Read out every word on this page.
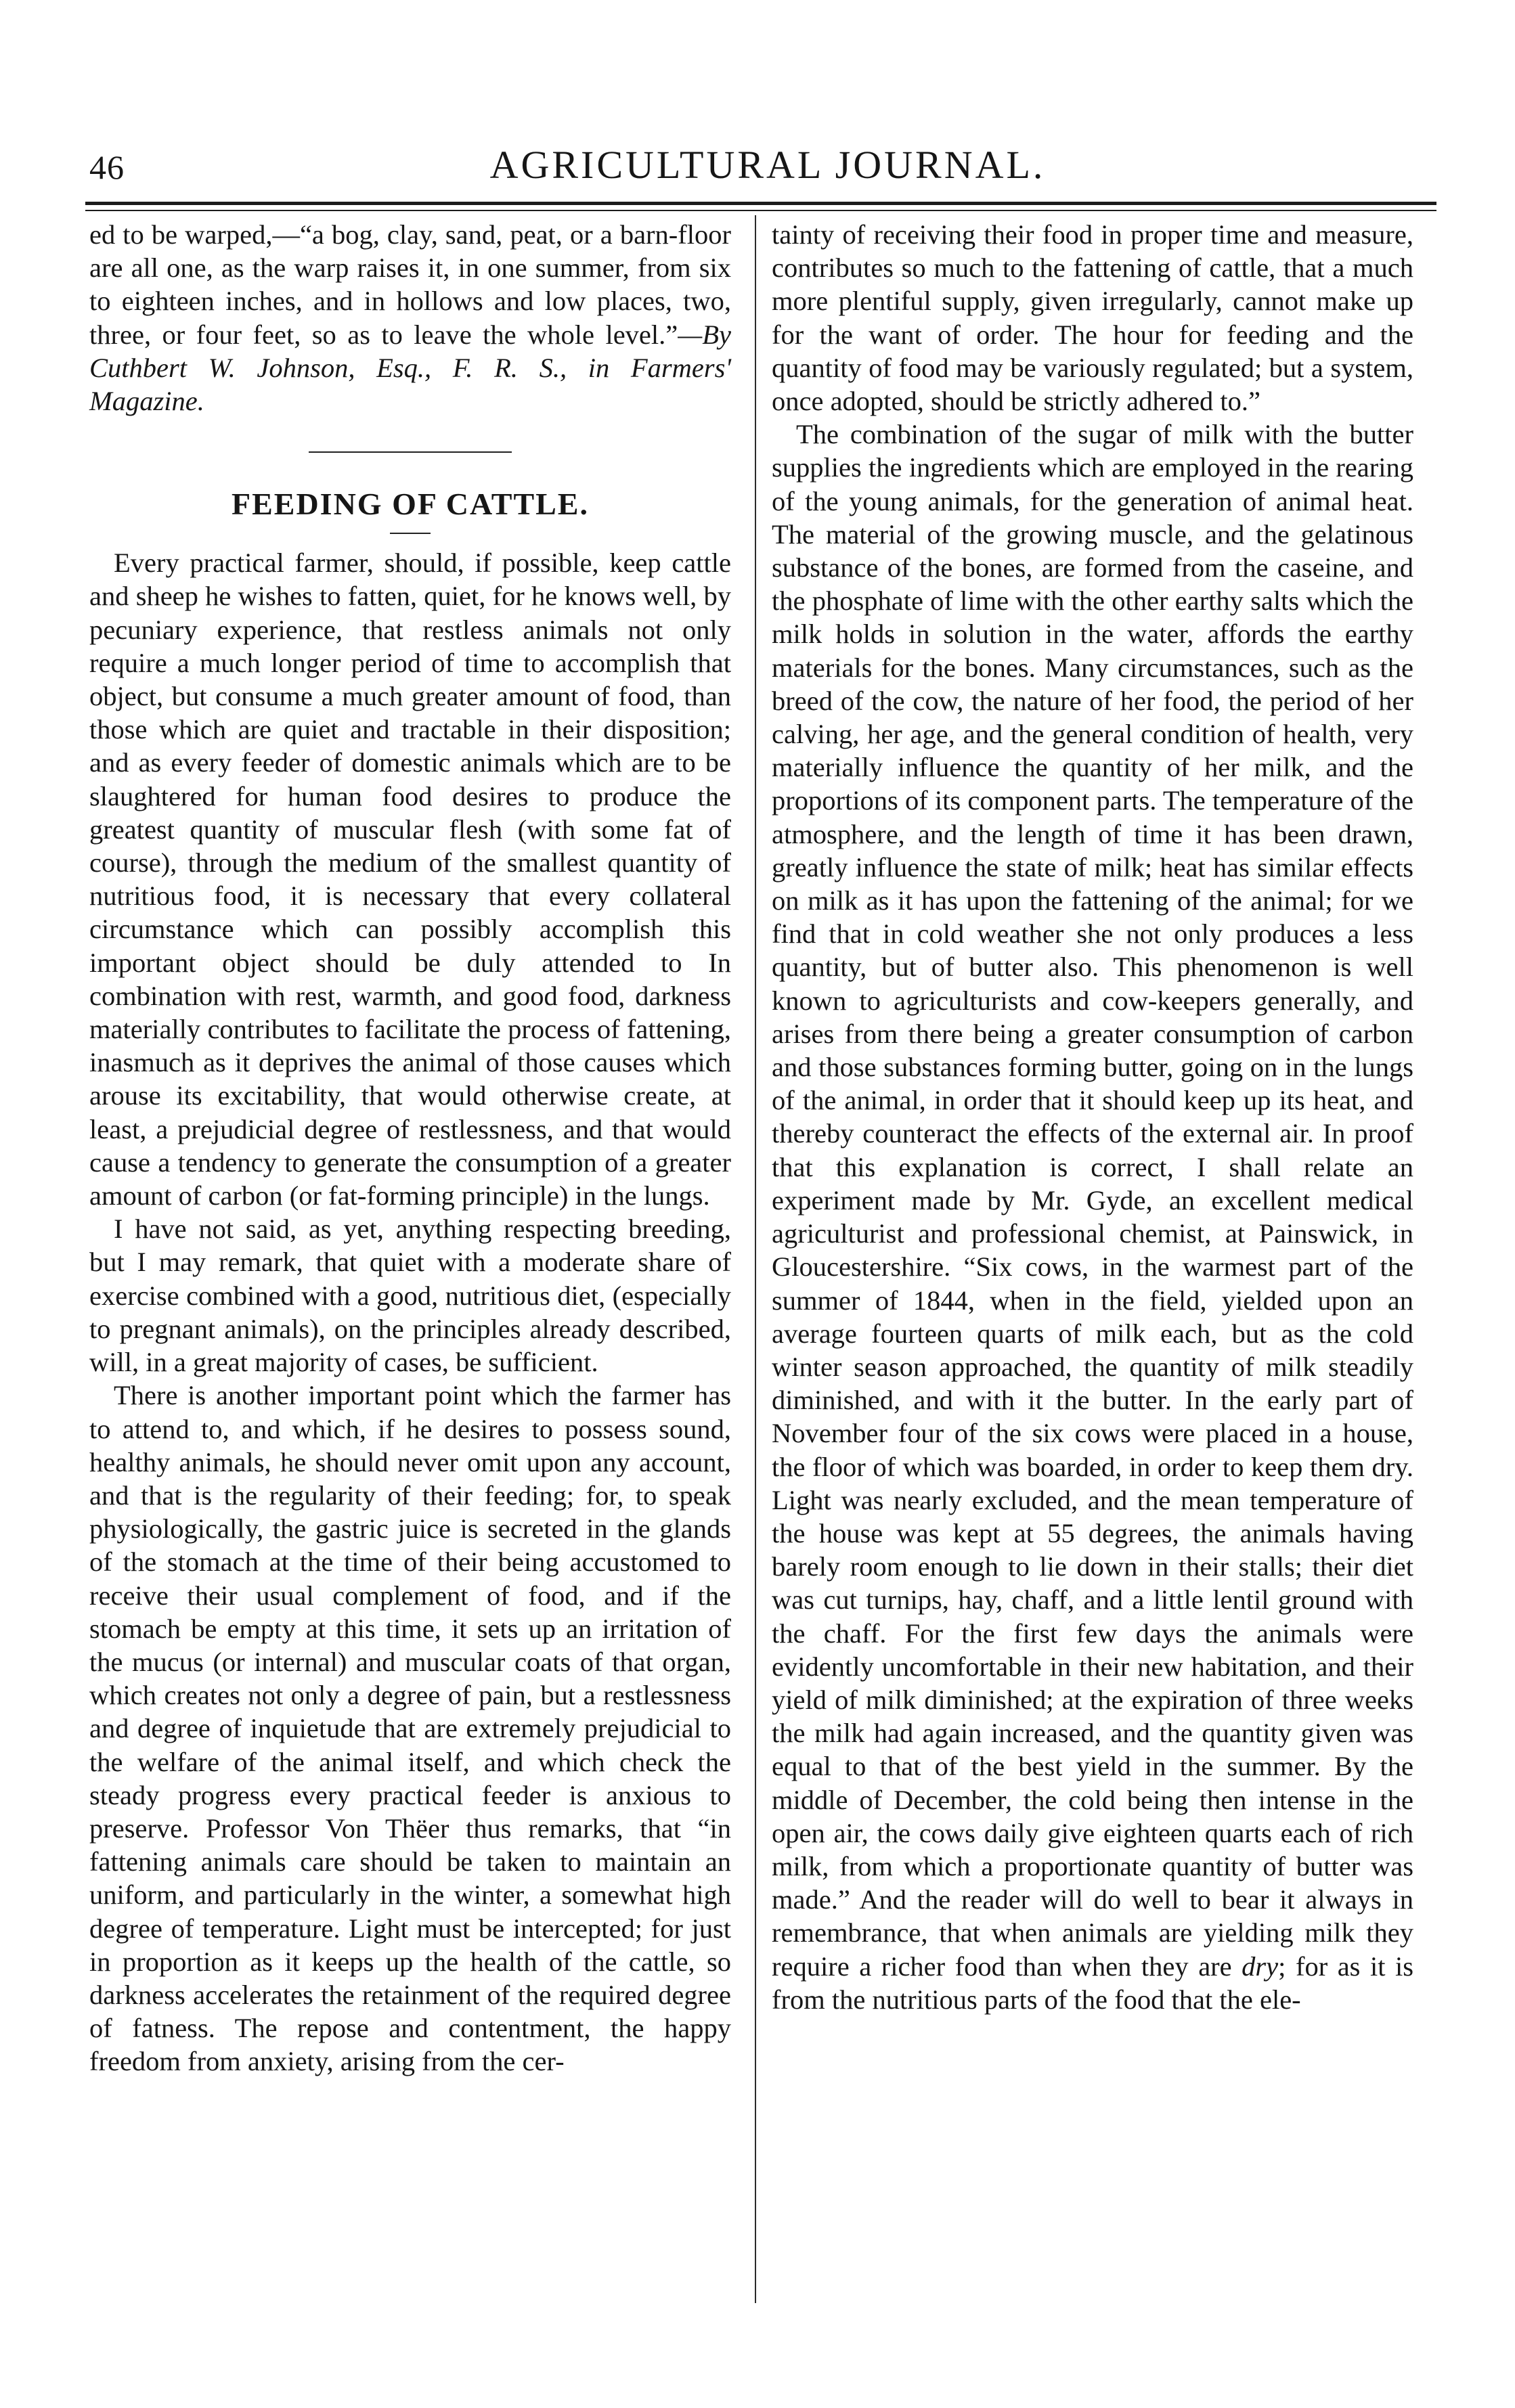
46	AGRICULTURAL JOURNAL.

ed to be warped,—“a bog, clay, sand, peat, or a barn-floor are all one, as the warp raises it, in one summer, from six to eighteen inches, and in hollows and low places, two, three, or four feet, so as to leave the whole level.”—By Cuthbert W. Johnson, Esq., F. R. S., in Farmers' Magazine.

FEEDING OF CATTLE.

Every practical farmer, should, if possible, keep cattle and sheep he wishes to fatten, quiet, for he knows well, by pecuniary experience, that restless animals not only require a much longer period of time to accomplish that object, but consume a much greater amount of food, than those which are quiet and tractable in their disposition; and as every feeder of domestic animals which are to be slaughtered for human food desires to produce the greatest quantity of muscular flesh (with some fat of course), through the medium of the smallest quantity of nutritious food, it is necessary that every collateral circumstance which can possibly accomplish this important object should be duly attended to In combination with rest, warmth, and good food, darkness materially contributes to facilitate the process of fattening, inasmuch as it deprives the animal of those causes which arouse its excitability, that would otherwise create, at least, a prejudicial degree of restlessness, and that would cause a tendency to generate the consumption of a greater amount of carbon (or fat-forming principle) in the lungs.

I have not said, as yet, anything respecting breeding, but I may remark, that quiet with a moderate share of exercise combined with a good, nutritious diet, (especially to pregnant animals), on the principles already described, will, in a great majority of cases, be sufficient.

There is another important point which the farmer has to attend to, and which, if he desires to possess sound, healthy animals, he should never omit upon any account, and that is the regularity of their feeding; for, to speak physiologically, the gastric juice is secreted in the glands of the stomach at the time of their being accustomed to receive their usual complement of food, and if the stomach be empty at this time, it sets up an irritation of the mucus (or internal) and muscular coats of that organ, which creates not only a degree of pain, but a restlessness and degree of inquietude that are extremely prejudicial to the welfare of the animal itself, and which check the steady progress every practical feeder is anxious to preserve. Professor Von Thëer thus remarks, that “in fattening animals care should be taken to maintain an uniform, and particularly in the winter, a somewhat high degree of temperature. Light must be intercepted; for just in proportion as it keeps up the health of the cattle, so darkness accelerates the retainment of the required degree of fatness. The repose and contentment, the happy freedom from anxiety, arising from the cer-

tainty of receiving their food in proper time and measure, contributes so much to the fattening of cattle, that a much more plentiful supply, given irregularly, cannot make up for the want of order. The hour for feeding and the quantity of food may be variously regulated; but a system, once adopted, should be strictly adhered to.”

The combination of the sugar of milk with the butter supplies the ingredients which are employed in the rearing of the young animals, for the generation of animal heat. The material of the growing muscle, and the gelatinous substance of the bones, are formed from the caseine, and the phosphate of lime with the other earthy salts which the milk holds in solution in the water, affords the earthy materials for the bones. Many circumstances, such as the breed of the cow, the nature of her food, the period of her calving, her age, and the general condition of health, very materially influence the quantity of her milk, and the proportions of its component parts. The temperature of the atmosphere, and the length of time it has been drawn, greatly influence the state of milk; heat has similar effects on milk as it has upon the fattening of the animal; for we find that in cold weather she not only produces a less quantity, but of butter also. This phenomenon is well known to agriculturists and cow-keepers generally, and arises from there being a greater consumption of carbon and those substances forming butter, going on in the lungs of the animal, in order that it should keep up its heat, and thereby counteract the effects of the external air. In proof that this explanation is correct, I shall relate an experiment made by Mr. Gyde, an excellent medical agriculturist and professional chemist, at Painswick, in Gloucestershire. “Six cows, in the warmest part of the summer of 1844, when in the field, yielded upon an average fourteen quarts of milk each, but as the cold winter season approached, the quantity of milk steadily diminished, and with it the butter. In the early part of November four of the six cows were placed in a house, the floor of which was boarded, in order to keep them dry. Light was nearly excluded, and the mean temperature of the house was kept at 55 degrees, the animals having barely room enough to lie down in their stalls; their diet was cut turnips, hay, chaff, and a little lentil ground with the chaff. For the first few days the animals were evidently uncomfortable in their new habitation, and their yield of milk diminished; at the expiration of three weeks the milk had again increased, and the quantity given was equal to that of the best yield in the summer. By the middle of December, the cold being then intense in the open air, the cows daily give eighteen quarts each of rich milk, from which a proportionate quantity of butter was made.” And the reader will do well to bear it always in remembrance, that when animals are yielding milk they require a richer food than when they are dry; for as it is from the nutritious parts of the food that the ele-
